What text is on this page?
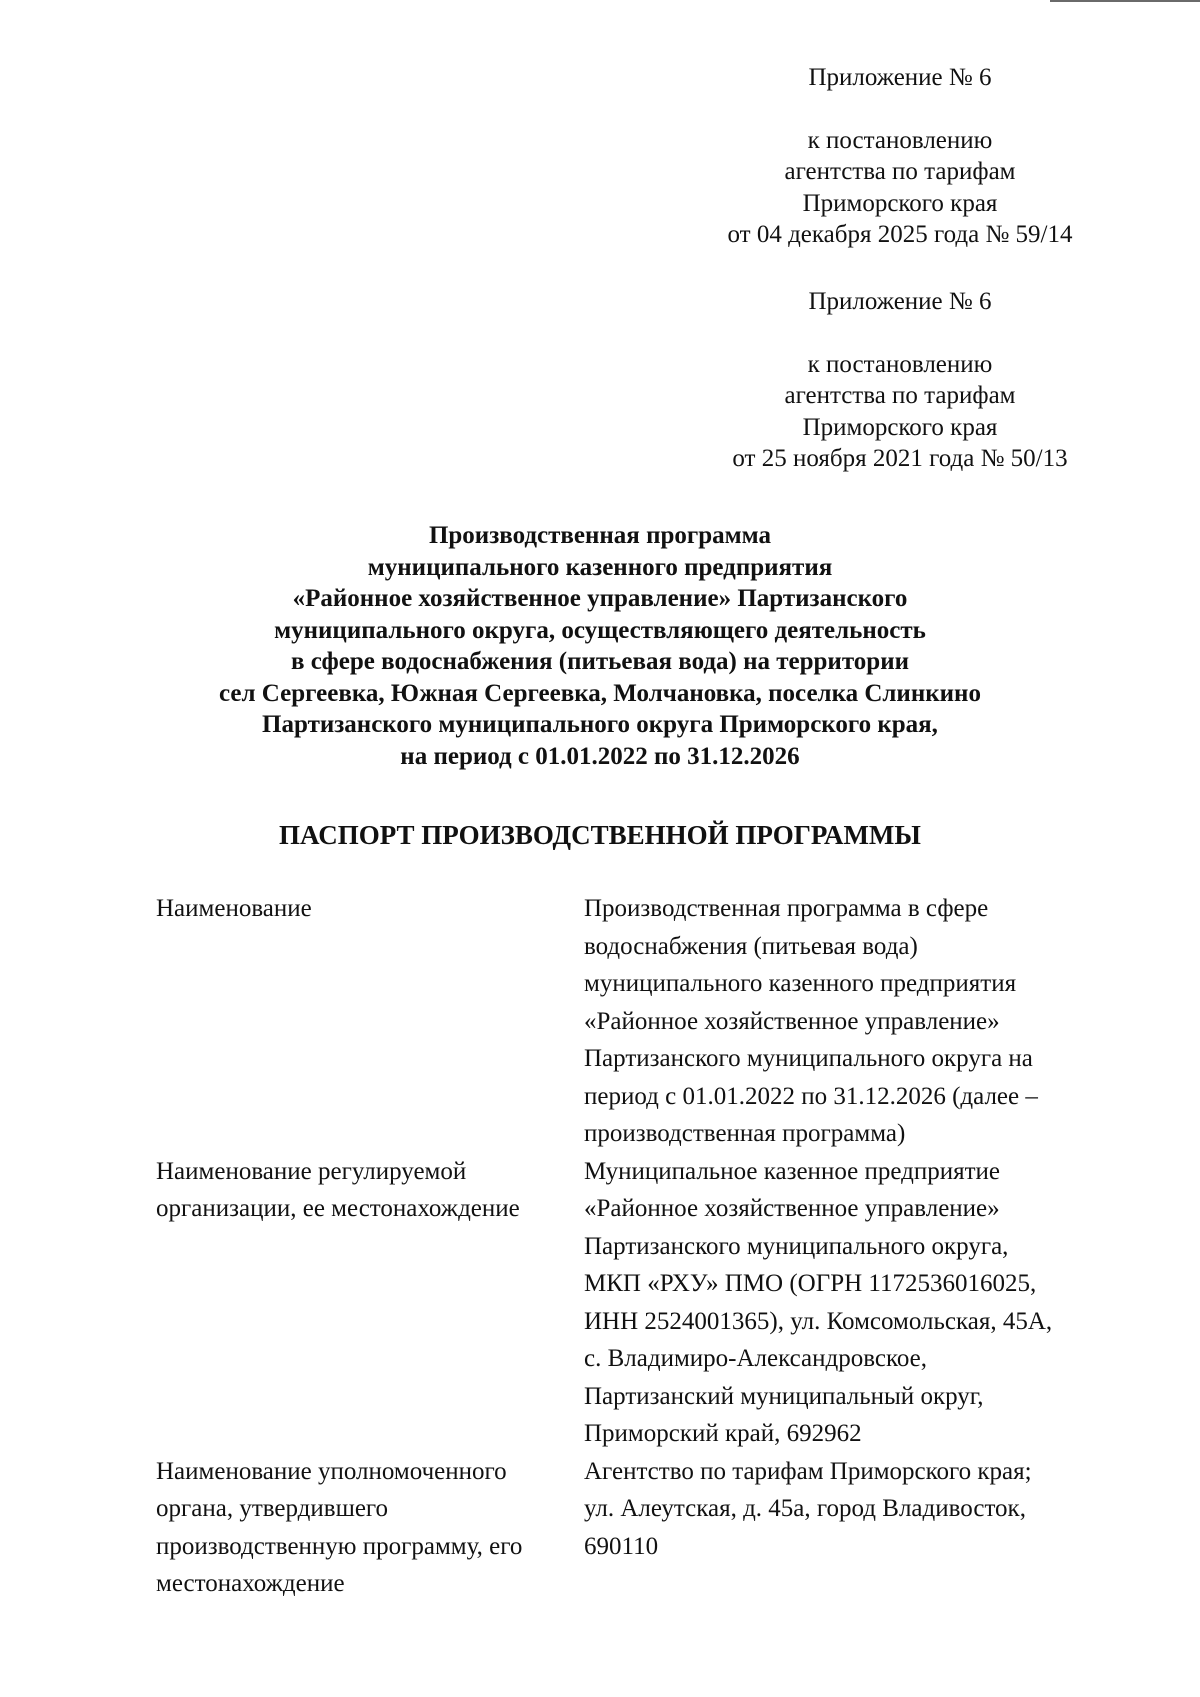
Приложение № 6
к постановлению
агентства по тарифам
Приморского края
от 04 декабря 2025 года № 59/14
Приложение № 6
к постановлению
агентства по тарифам
Приморского края
от 25 ноября 2021 года № 50/13
Производственная программа
муниципального казенного предприятия
«Районное хозяйственное управление» Партизанского
муниципального округа, осуществляющего деятельность
в сфере водоснабжения (питьевая вода) на территории
сел Сергеевка, Южная Сергеевка, Молчановка, поселка Слинкино
Партизанского муниципального округа Приморского края,
на период с 01.01.2022 по 31.12.2026
ПАСПОРТ ПРОИЗВОДСТВЕННОЙ ПРОГРАММЫ
Наименование	Производственная программа в сфере
водоснабжения (питьевая вода)
муниципального казенного предприятия
«Районное хозяйственное управление»
Партизанского муниципального округа на
период с 01.01.2022 по 31.12.2026 (далее –
производственная программа)
Наименование регулируемой
организации, ее местонахождение
Муниципальное казенное предприятие
«Районное хозяйственное управление»
Партизанского муниципального округа,
МКП «РХУ» ПМО (ОГРН 1172536016025,
ИНН 2524001365), ул. Комсомольская, 45А,
с. Владимиро-Александровское,
Партизанский муниципальный округ,
Приморский край, 692962
Наименование уполномоченного
органа, утвердившего
производственную программу, его
местонахождение
Агентство по тарифам Приморского края;
ул. Алеутская, д. 45а, город Владивосток,
690110
